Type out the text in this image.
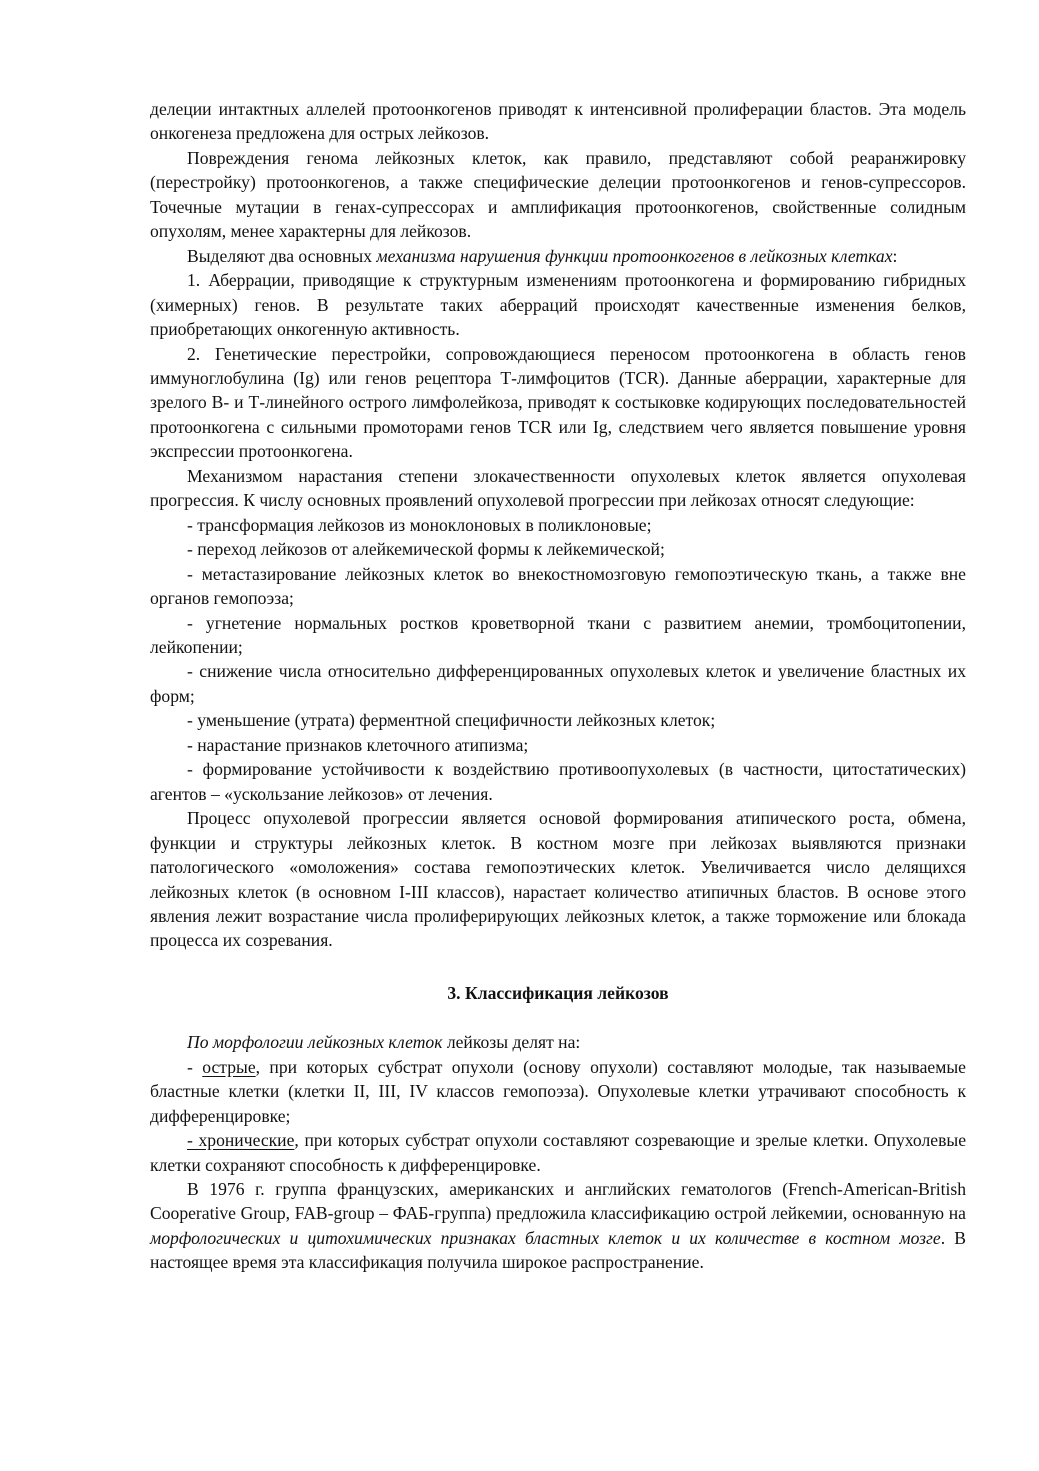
делеции интактных аллелей протоонкогенов приводят к интенсивной пролиферации бластов. Эта модель онкогенеза предложена для острых лейкозов.

Повреждения генома лейкозных клеток, как правило, представляют собой реаранжировку (перестройку) протоонкогенов, а также специфические делеции протоонкогенов и генов-супрессоров. Точечные мутации в генах-супрессорах и амплификация протоонкогенов, свойственные солидным опухолям, менее характерны для лейкозов.

Выделяют два основных механизма нарушения функции протоонкогенов в лейкозных клетках:

1. Аберрации, приводящие к структурным изменениям протоонкогена и формированию гибридных (химерных) генов. В результате таких аберраций происходят качественные изменения белков, приобретающих онкогенную активность.

2. Генетические перестройки, сопровождающиеся переносом протоонкогена в область генов иммуноглобулина (Ig) или генов рецептора Т-лимфоцитов (TCR). Данные аберрации, характерные для зрелого В- и Т-линейного острого лимфолейкоза, приводят к состыковке кодирующих последовательностей протоонкогена с сильными промоторами генов TCR или Ig, следствием чего является повышение уровня экспрессии протоонкогена.

Механизмом нарастания степени злокачественности опухолевых клеток является опухолевая прогрессия. К числу основных проявлений опухолевой прогрессии при лейкозах относят следующие:

- трансформация лейкозов из моноклоновых в поликлоновые;

- переход лейкозов от алейкемической формы к лейкемической;

- метастазирование лейкозных клеток во внекостномозговую гемопоэтическую ткань, а также вне органов гемопоэза;

- угнетение нормальных ростков кроветворной ткани с развитием анемии, тромбоцитопении, лейкопении;

- снижение числа относительно дифференцированных опухолевых клеток и увеличение бластных их форм;

- уменьшение (утрата) ферментной специфичности лейкозных клеток;

- нарастание признаков клеточного атипизма;

- формирование устойчивости к воздействию противоопухолевых (в частности, цитостатических) агентов – «ускользание лейкозов» от лечения.

Процесс опухолевой прогрессии является основой формирования атипического роста, обмена, функции и структуры лейкозных клеток. В костном мозге при лейкозах выявляются признаки патологического «омоложения» состава гемопоэтических клеток. Увеличивается число делящихся лейкозных клеток (в основном I-III классов), нарастает количество атипичных бластов. В основе этого явления лежит возрастание числа пролиферирующих лейкозных клеток, а также торможение или блокада процесса их созревания.

3. Классификация лейкозов

По морфологии лейкозных клеток лейкозы делят на:

- острые, при которых субстрат опухоли (основу опухоли) составляют молодые, так называемые бластные клетки (клетки II, III, IV классов гемопоэза). Опухолевые клетки утрачивают способность к дифференцировке;

- хронические, при которых субстрат опухоли составляют созревающие и зрелые клетки. Опухолевые клетки сохраняют способность к дифференцировке.

В 1976 г. группа французских, американских и английских гематологов (French-American-British Cooperative Group, FAB-group – ФАБ-группа) предложила классификацию острой лейкемии, основанную на морфологических и цитохимических признаках бластных клеток и их количестве в костном мозге. В настоящее время эта классификация получила широкое распространение.
